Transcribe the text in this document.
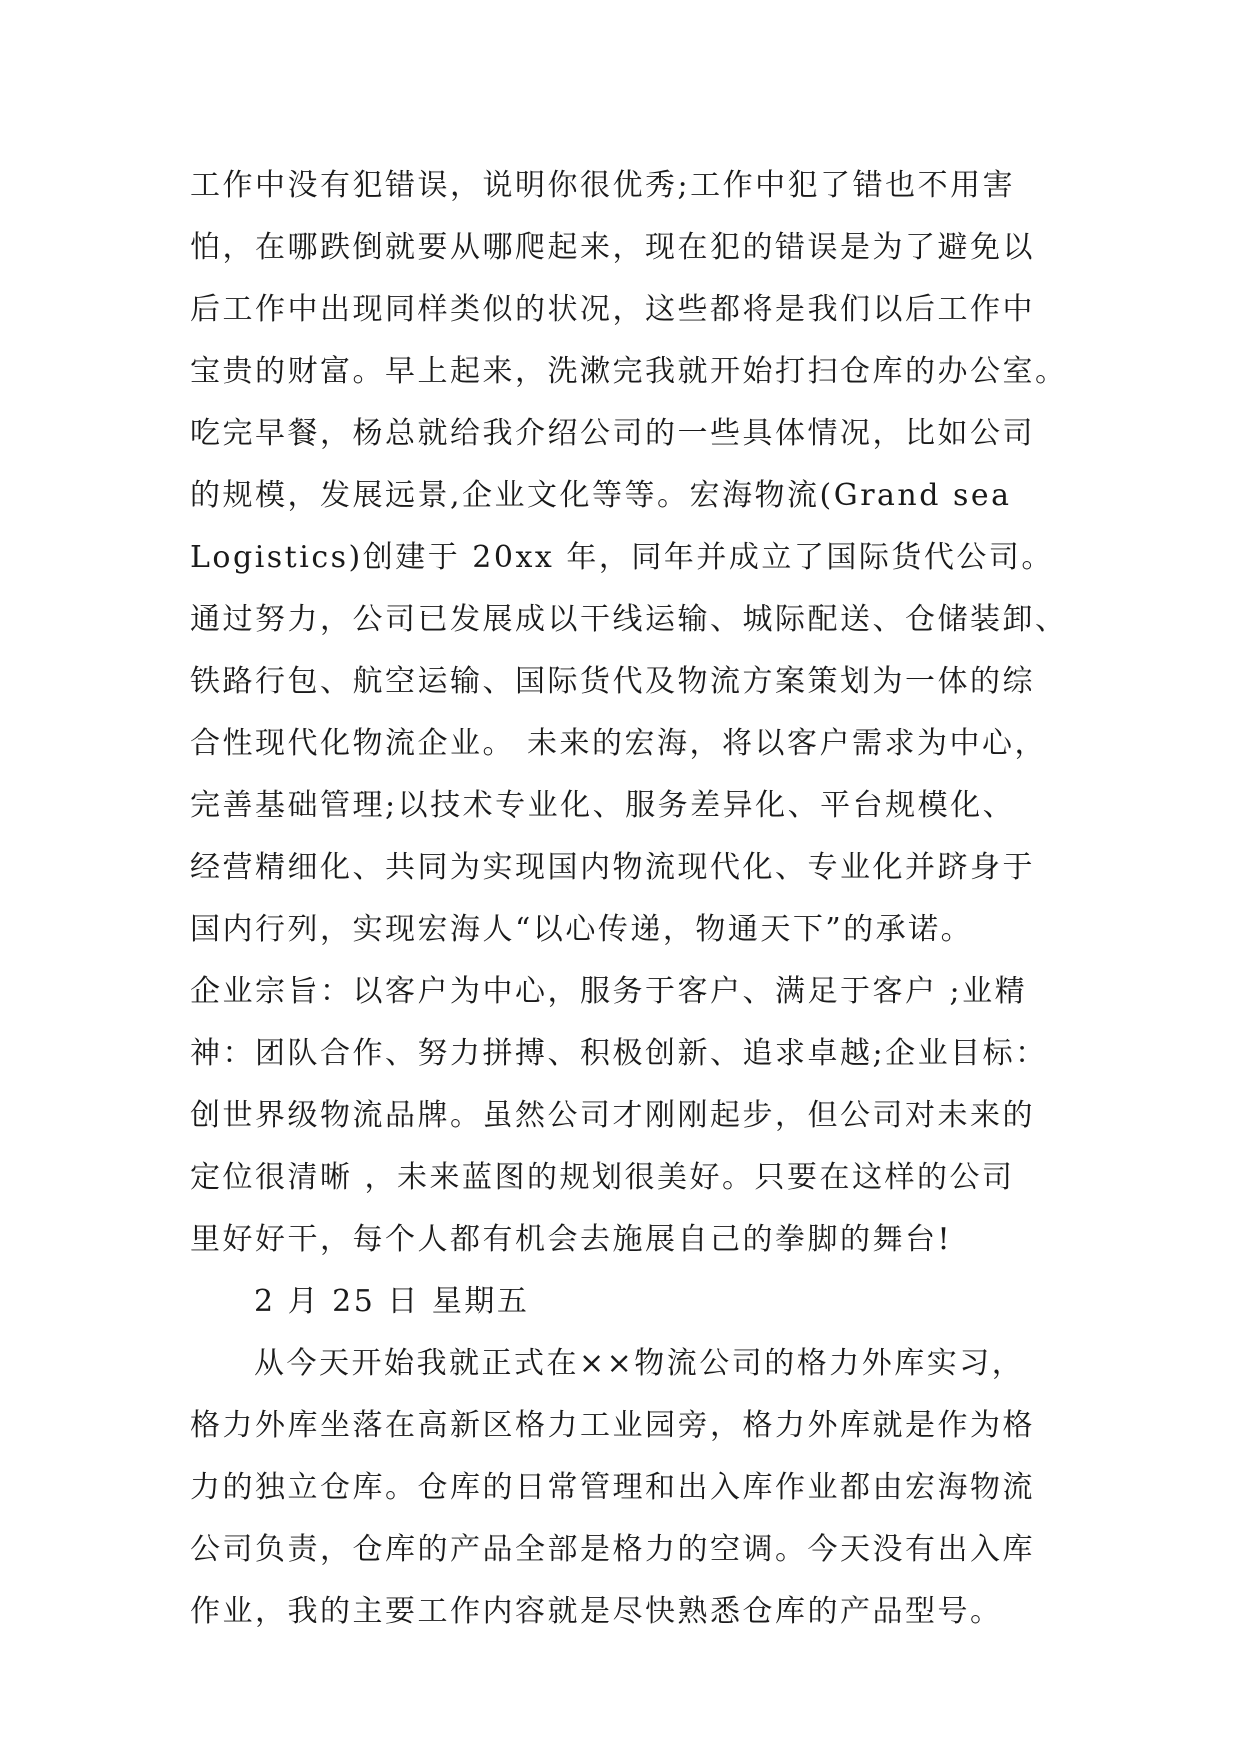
工作中没有犯错误，说明你很优秀;工作中犯了错也不用害
怕，在哪跌倒就要从哪爬起来，现在犯的错误是为了避免以
后工作中出现同样类似的状况，这些都将是我们以后工作中
宝贵的财富。早上起来，洗漱完我就开始打扫仓库的办公室。
吃完早餐，杨总就给我介绍公司的一些具体情况，比如公司
的规模，发展远景,企业文化等等。宏海物流(Grand sea
Logistics)创建于 20xx 年，同年并成立了国际货代公司。
通过努力，公司已发展成以干线运输、城际配送、仓储装卸、
铁路行包、航空运输、国际货代及物流方案策划为一体的综
合性现代化物流企业。 未来的宏海，将以客户需求为中心，
完善基础管理;以技术专业化、服务差异化、平台规模化、
经营精细化、共同为实现国内物流现代化、专业化并跻身于
国内行列，实现宏海人“以心传递，物通天下”的承诺。
企业宗旨：以客户为中心，服务于客户、满足于客户 ;业精
神：团队合作、努力拼搏、积极创新、追求卓越;企业目标：
创世界级物流品牌。虽然公司才刚刚起步，但公司对未来的
定位很清晰 ，未来蓝图的规划很美好。只要在这样的公司
里好好干，每个人都有机会去施展自己的拳脚的舞台!
2 月 25 日 星期五
从今天开始我就正式在××物流公司的格力外库实习，
格力外库坐落在高新区格力工业园旁，格力外库就是作为格
力的独立仓库。仓库的日常管理和出入库作业都由宏海物流
公司负责，仓库的产品全部是格力的空调。今天没有出入库
作业，我的主要工作内容就是尽快熟悉仓库的产品型号。
